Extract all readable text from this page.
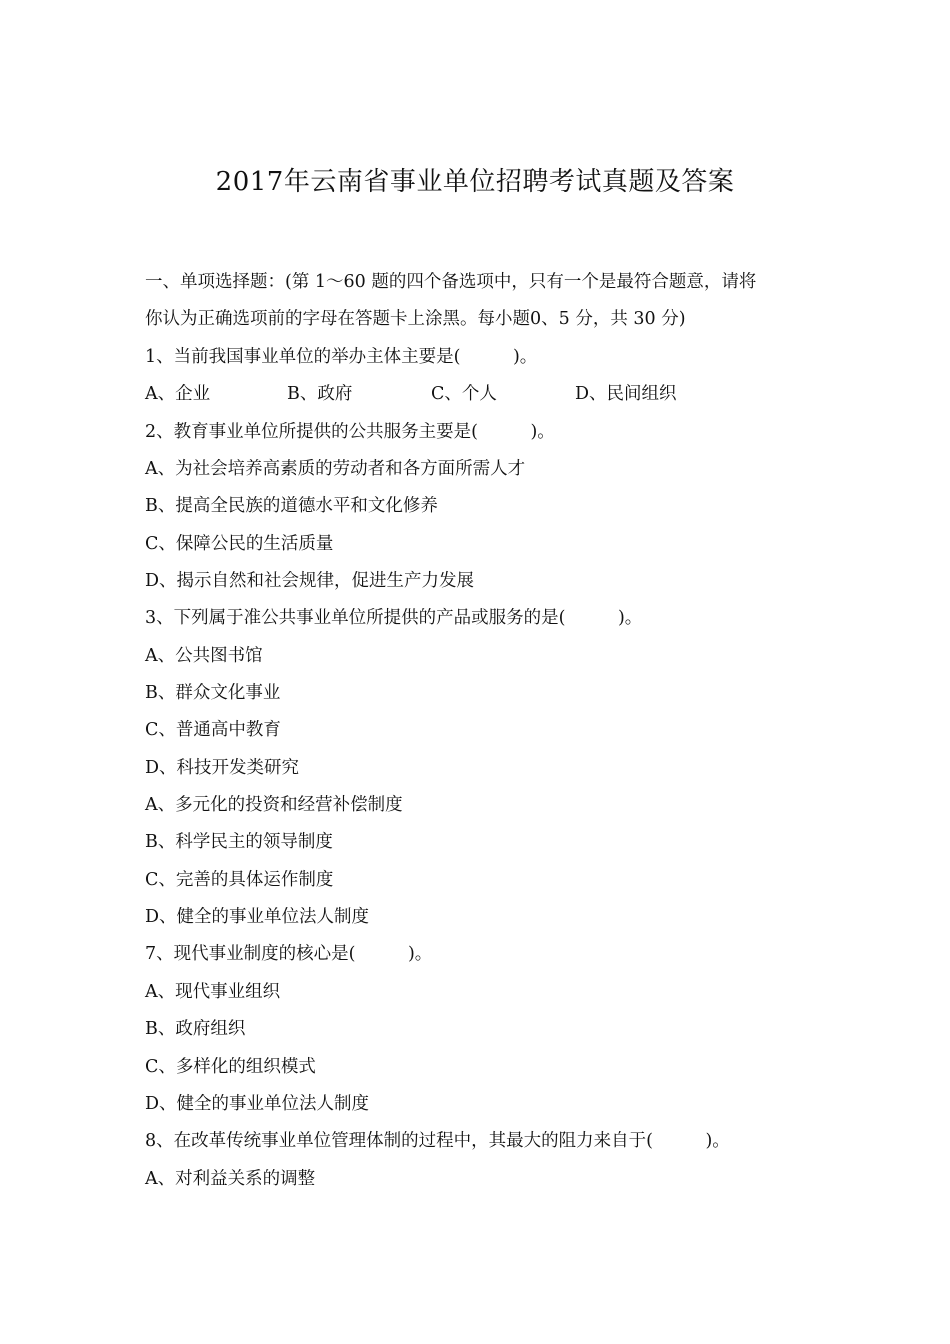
2017年云南省事业单位招聘考试真题及答案
一、单项选择题：(第 1～60 题的四个备选项中，只有一个是最符合题意，请将
你认为正确选项前的字母在答题卡上涂黑。每小题0、5 分，共 30 分)
1、当前我国事业单位的举办主体主要是(　　　)。
A、企业	B、政府	C、个人	D、民间组织
2、教育事业单位所提供的公共服务主要是(　　　)。
A、为社会培养高素质的劳动者和各方面所需人才
B、提高全民族的道德水平和文化修养
C、保障公民的生活质量
D、揭示自然和社会规律，促进生产力发展
3、下列属于准公共事业单位所提供的产品或服务的是(　　　)。
A、公共图书馆
B、群众文化事业
C、普通高中教育
D、科技开发类研究
A、多元化的投资和经营补偿制度
B、科学民主的领导制度
C、完善的具体运作制度
D、健全的事业单位法人制度
7、现代事业制度的核心是(　　　)。
A、现代事业组织
B、政府组织
C、多样化的组织模式
D、健全的事业单位法人制度
8、在改革传统事业单位管理体制的过程中，其最大的阻力来自于(　　　)。
A、对利益关系的调整
